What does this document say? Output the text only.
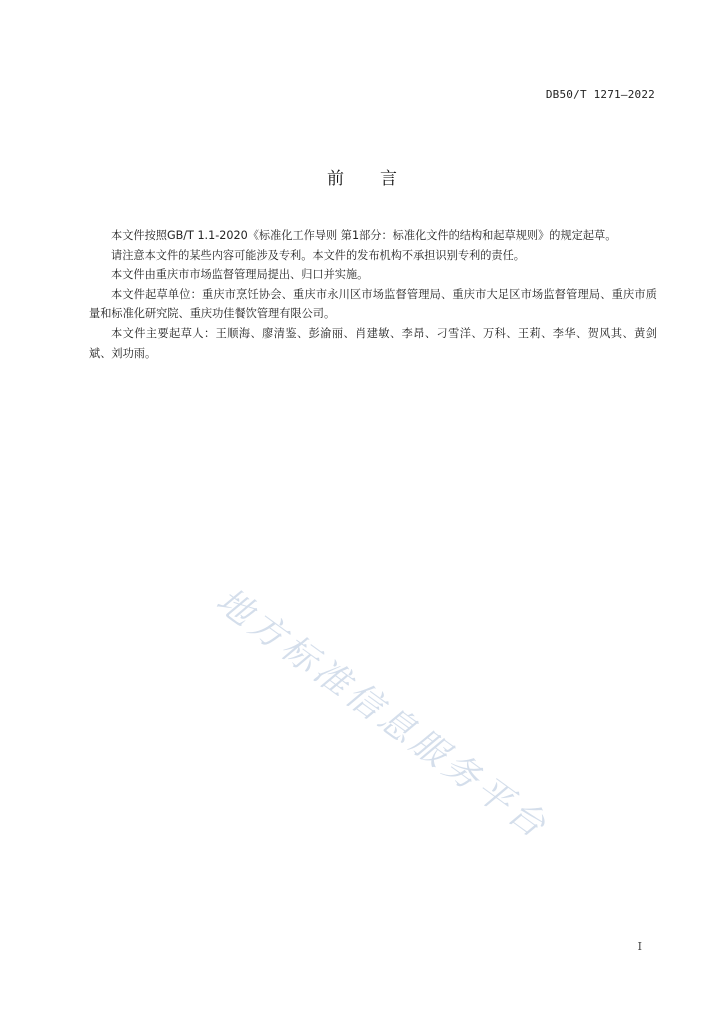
DB50/T 1271—2022
前 言

本文件按照GB/T 1.1-2020《标准化工作导则 第1部分：标准化文件的结构和起草规则》的规定起草。

请注意本文件的某些内容可能涉及专利。本文件的发布机构不承担识别专利的责任。

本文件由重庆市市场监督管理局提出、归口并实施。

本文件起草单位：重庆市烹饪协会、重庆市永川区市场监督管理局、重庆市大足区市场监督管理局、重庆市质量和标准化研究院、重庆功佳餐饮管理有限公司。

本文件主要起草人：王顺海、廖清鉴、彭渝丽、肖建敏、李昂、刁雪洋、万科、王莉、李华、贺风其、黄剑斌、刘功雨。

地方标准信息服务平台
I
